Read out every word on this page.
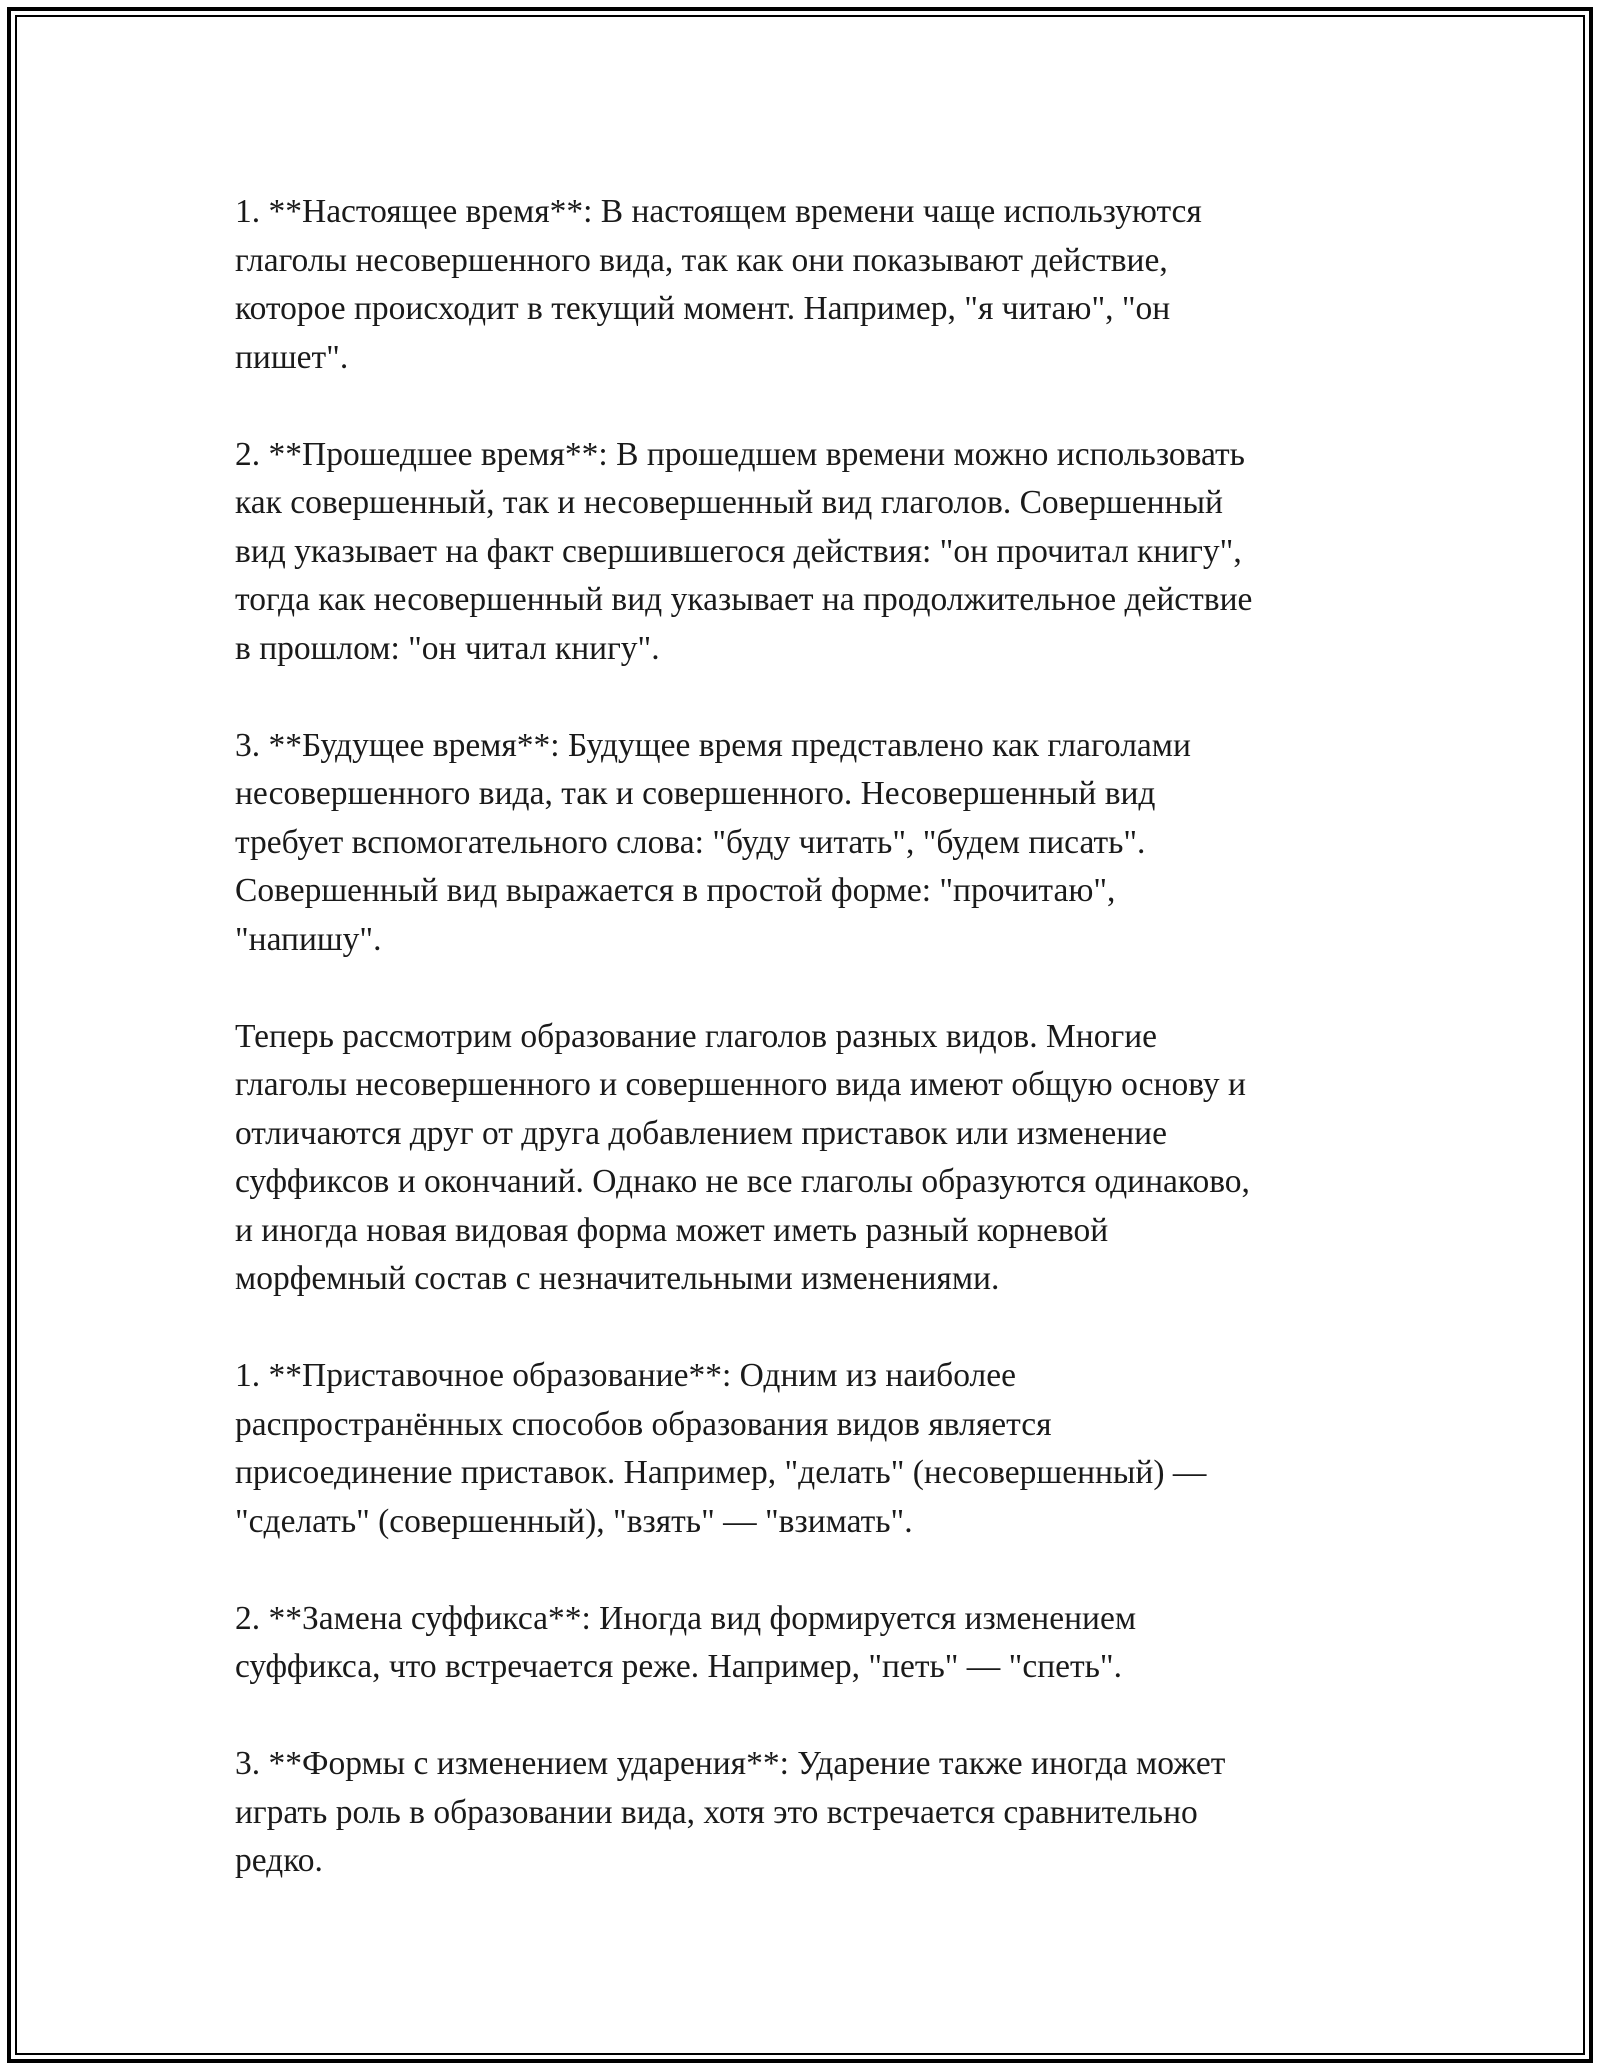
1. **Настоящее время**: В настоящем времени чаще используются
глаголы несовершенного вида, так как они показывают действие,
которое происходит в текущий момент. Например, "я читаю", "он
пишет".

2. **Прошедшее время**: В прошедшем времени можно использовать
как совершенный, так и несовершенный вид глаголов. Совершенный
вид указывает на факт свершившегося действия: "он прочитал книгу",
тогда как несовершенный вид указывает на продолжительное действие
в прошлом: "он читал книгу".

3. **Будущее время**: Будущее время представлено как глаголами
несовершенного вида, так и совершенного. Несовершенный вид
требует вспомогательного слова: "буду читать", "будем писать".
Совершенный вид выражается в простой форме: "прочитаю",
"напишу".

Теперь рассмотрим образование глаголов разных видов. Многие
глаголы несовершенного и совершенного вида имеют общую основу и
отличаются друг от друга добавлением приставок или изменение
суффиксов и окончаний. Однако не все глаголы образуются одинаково,
и иногда новая видовая форма может иметь разный корневой
морфемный состав с незначительными изменениями.

1. **Приставочное образование**: Одним из наиболее
распространённых способов образования видов является
присоединение приставок. Например, "делать" (несовершенный) —
"сделать" (совершенный), "взять" — "взимать".

2. **Замена суффикса**: Иногда вид формируется изменением
суффикса, что встречается реже. Например, "петь" — "спеть".

3. **Формы с изменением ударения**: Ударение также иногда может
играть роль в образовании вида, хотя это встречается сравнительно
редко.
